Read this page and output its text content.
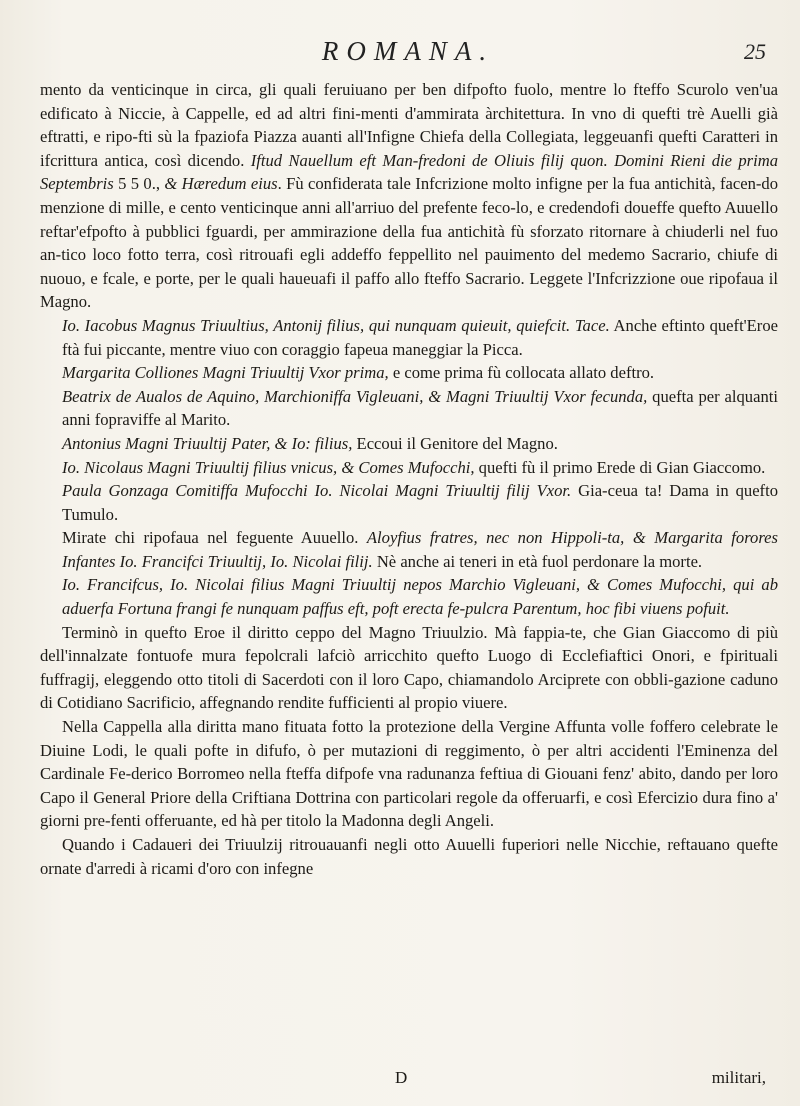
ROMANA.	25

mento da venticinque in circa, gli quali feruiuano per ben difpofto fuolo, mentre lo fteffo Scurolo ven'ua edificato à Niccie, à Cappelle, ed ad altri fini-menti d'ammirata àrchitettura. In vno di quefti trè Auelli già eftratti, e ripo-fti sù la fpaziofa Piazza auanti all'Infigne Chiefa della Collegiata, leggeuanfi quefti Caratteri in ifcrittura antica, così dicendo. Iftud Nauellum eft Man-fredoni de Oliuis filij quon. Domini Rieni die prima Septembris 5 5 0., & Hæredum eius. Fù confiderata tale Infcrizione molto infigne per la fua antichità, facen-do menzione di mille, e cento venticinque anni all'arriuo del prefente feco-lo, e credendofi doueffe quefto Auuello reftar'efpofto à pubblici fguardi, per ammirazione della fua antichità fù sforzato ritornare à chiuderli nel fuo an-tico loco fotto terra, così ritrouafi egli addeffo feppellito nel pauimento del medemo Sacrario, chiufe di nuouo, e fcale, e porte, per le quali haueuafi il paffo allo fteffo Sacrario. Leggete l'Infcrizzione oue ripofaua il Magno.

Io. Iacobus Magnus Triuultius, Antonij filius, qui nunquam quieuit, quiefcit. Tace. Anche eftinto queft'Eroe ftà fui piccante, mentre viuo con coraggio fapeua maneggiar la Picca.

Margarita Colliones Magni Triuultij Vxor prima, e come prima fù collocata allato deftro.

Beatrix de Aualos de Aquino, Marchioniffa Vigleuani, & Magni Triuultij Vxor fecunda, quefta per alquanti anni fopraviffe al Marito.

Antonius Magni Triuultij Pater, & Io: filius, Eccoui il Genitore del Magno.

Io. Nicolaus Magni Triuultij filius vnicus, & Comes Mufocchi, quefti fù il primo Erede di Gian Giaccomo.

Paula Gonzaga Comitiffa Mufocchi Io. Nicolai Magni Triuultij filij Vxor. Gia-ceua ta! Dama in quefto Tumulo.

Mirate chi ripofaua nel feguente Auuello. Aloyfius fratres, nec non Hippoli-ta, & Margarita forores Infantes Io. Francifci Triuultij, Io. Nicolai filij. Nè anche ai teneri in età fuol perdonare la morte.

Io. Francifcus, Io. Nicolai filius Magni Triuultij nepos Marchio Vigleuani, & Comes Mufocchi, qui ab aduerfa Fortuna frangi fe nunquam paffus eft, poft erecta fe-pulcra Parentum, hoc fibi viuens pofuit.

Terminò in quefto Eroe il diritto ceppo del Magno Triuulzio. Mà fappia-te, che Gian Giaccomo di più dell'innalzate fontuofe mura fepolcrali lafciò arricchito quefto Luogo di Ecclefiaftici Onori, e fpirituali fuffragij, eleggendo otto titoli di Sacerdoti con il loro Capo, chiamandolo Arciprete con obbli-gazione caduno di Cotidiano Sacrificio, affegnando rendite fufficienti al propio viuere.

Nella Cappella alla diritta mano fituata fotto la protezione della Vergine Affunta volle foffero celebrate le Diuine Lodi, le quali pofte in difufo, ò per mutazioni di reggimento, ò per altri accidenti l'Eminenza del Cardinale Fe-derico Borromeo nella fteffa difpofe vna radunanza feftiua di Giouani fenz' abito, dando per loro Capo il General Priore della Criftiana Dottrina con particolari regole da offeruarfi, e così Efercizio dura fino a' giorni pre-fenti offeruante, ed hà per titolo la Madonna degli Angeli.

Quando i Cadaueri dei Triuulzij ritrouauanfi negli otto Auuelli fuperiori nelle Nicchie, reftauano quefte ornate d'arredi à ricami d'oro con infegne

D	militari,
